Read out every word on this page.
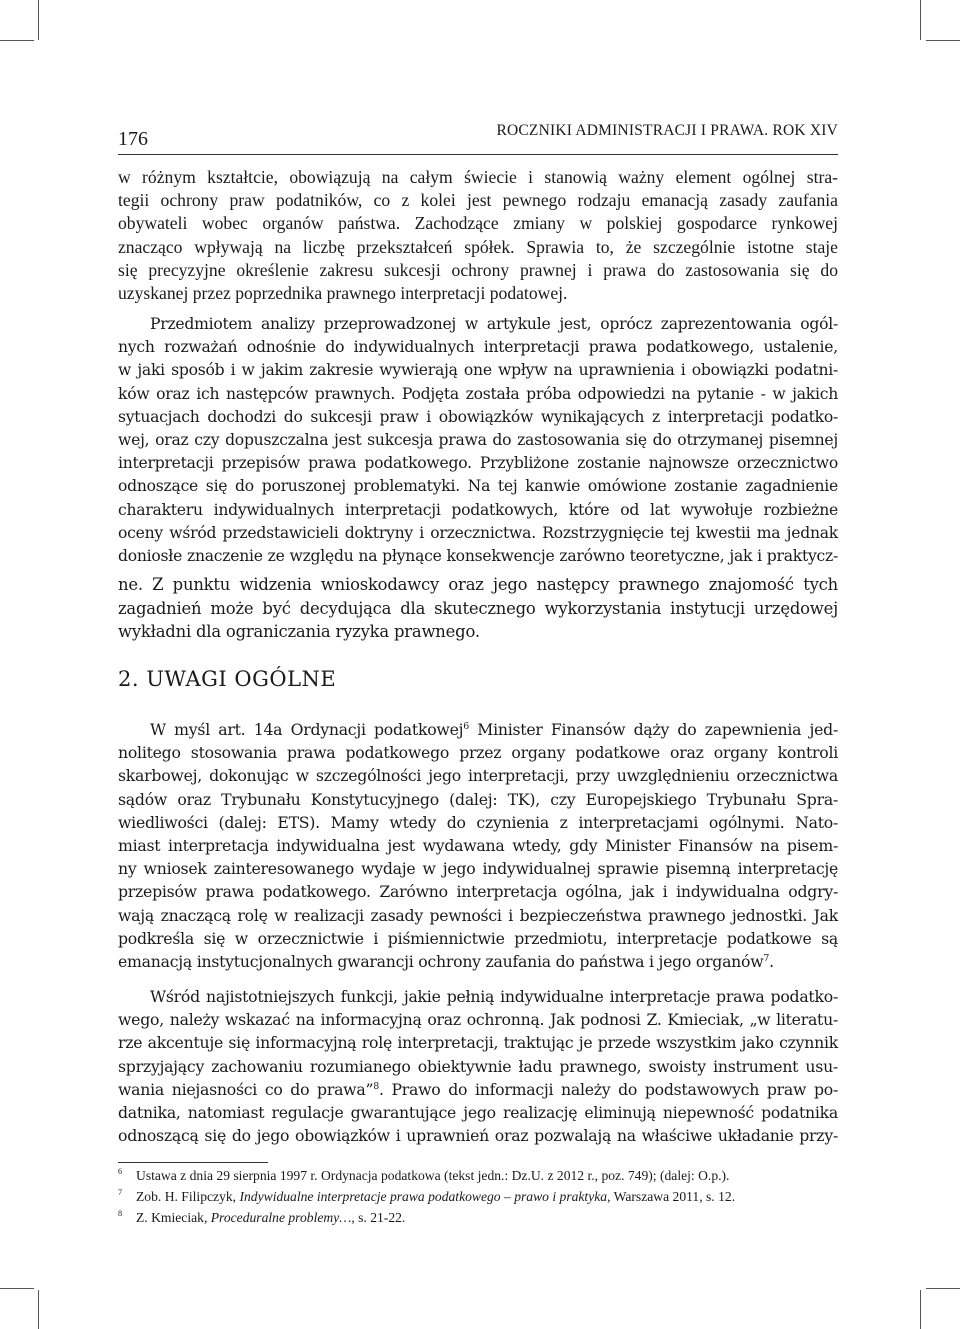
176	ROCZNIKI ADMINISTRACJI I PRAWA. ROK XIV
w różnym kształtcie, obowiązują na całym świecie i stanowią ważny element ogólnej stra-
tegii ochrony praw podatników, co z kolei jest pewnego rodzaju emanacją zasady zaufania
obywateli wobec organów państwa. Zachodzące zmiany w polskiej gospodarce rynkowej
znacząco wpływają na liczbę przekształceń spółek. Sprawia to, że szczególnie istotne staje
się precyzyjne określenie zakresu sukcesji ochrony prawnej i prawa do zastosowania się do
uzyskanej przez poprzednika prawnego interpretacji podatowej.
Przedmiotem analizy przeprowadzonej w artykule jest, oprócz zaprezentowania ogól-
nych rozważań odnośnie do indywidualnych interpretacji prawa podatkowego, ustalenie,
w jaki sposób i w jakim zakresie wywierają one wpływ na uprawnienia i obowiązki podatni-
ków oraz ich następców prawnych. Podjęta została próba odpowiedzi na pytanie - w jakich
sytuacjach dochodzi do sukcesji praw i obowiązków wynikających z interpretacji podatko-
wej, oraz czy dopuszczalna jest sukcesja prawa do zastosowania się do otrzymanej pisemnej
interpretacji przepisów prawa podatkowego. Przybliżone zostanie najnowsze orzecznictwo
odnoszące się do poruszonej problematyki. Na tej kanwie omówione zostanie zagadnienie
charakteru indywidualnych interpretacji podatkowych, które od lat wywołuje rozbieżne
oceny wśród przedstawicieli doktryny i orzecznictwa. Rozstrzygnięcie tej kwestii ma jednak
doniosłe znaczenie ze względu na płynące konsekwencje zarówno teoretyczne, jak i praktycz-
ne. Z punktu widzenia wnioskodawcy oraz jego następcy prawnego znajomość tych
zagadnień może być decydująca dla skutecznego wykorzystania instytucji urzędowej
wykładni dla ograniczania ryzyka prawnego.
2. UWAGI OGÓLNE
W myśl art. 14a Ordynacji podatkowej$^6$ Minister Finansów dąży do zapewnienia jed-
nolitego stosowania prawa podatkowego przez organy podatkowe oraz organy kontroli
skarbowej, dokonując w szczególności jego interpretacji, przy uwzględnieniu orzecznictwa
sądów oraz Trybunału Konstytucyjnego (dalej: TK), czy Europejskiego Trybunału Spra-
wiedliwości (dalej: ETS). Mamy wtedy do czynienia z interpretacjami ogólnymi. Nato-
miast interpretacja indywidualna jest wydawana wtedy, gdy Minister Finansów na pisem-
ny wniosek zainteresowanego wydaje w jego indywidualnej sprawie pisemną interpretację
przepisów prawa podatkowego. Zarówno interpretacja ogólna, jak i indywidualna odgry-
wają znaczącą rolę w realizacji zasady pewności i bezpieczeństwa prawnego jednostki. Jak
podkreśla się w orzecznictwie i piśmiennictwie przedmiotu, interpretacje podatkowe są
emanacją instytucjonalnych gwarancji ochrony zaufania do państwa i jego organów$^7$.
Wśród najistotniejszych funkcji, jakie pełnią indywidualne interpretacje prawa podatko-
wego, należy wskazać na informacyjną oraz ochronną. Jak podnosi Z. Kmieciak, „w literatu-
rze akcentuje się informacyjną rolę interpretacji, traktując je przede wszystkim jako czynnik
sprzyjający zachowaniu rozumianego obiektywnie ładu prawnego, swoisty instrument usu-
wania niejasności co do prawa”$^8$. Prawo do informacji należy do podstawowych praw po-
datnika, natomiast regulacje gwarantujące jego realizację eliminują niepewność podatnika
odnoszącą się do jego obowiązków i uprawnień oraz pozwalają na właściwe układanie przy-
$^6$ Ustawa z dnia 29 sierpnia 1997 r. Ordynacja podatkowa (tekst jedn.: Dz.U. z 2012 r., poz. 749); (dalej: O.p.).
$^7$ Zob. H. Filipczyk, Indywidualne interpretacje prawa podatkowego – prawo i praktyka, Warszawa 2011, s. 12.
$^8$ Z. Kmieciak, Proceduralne problemy…, s. 21-22.
